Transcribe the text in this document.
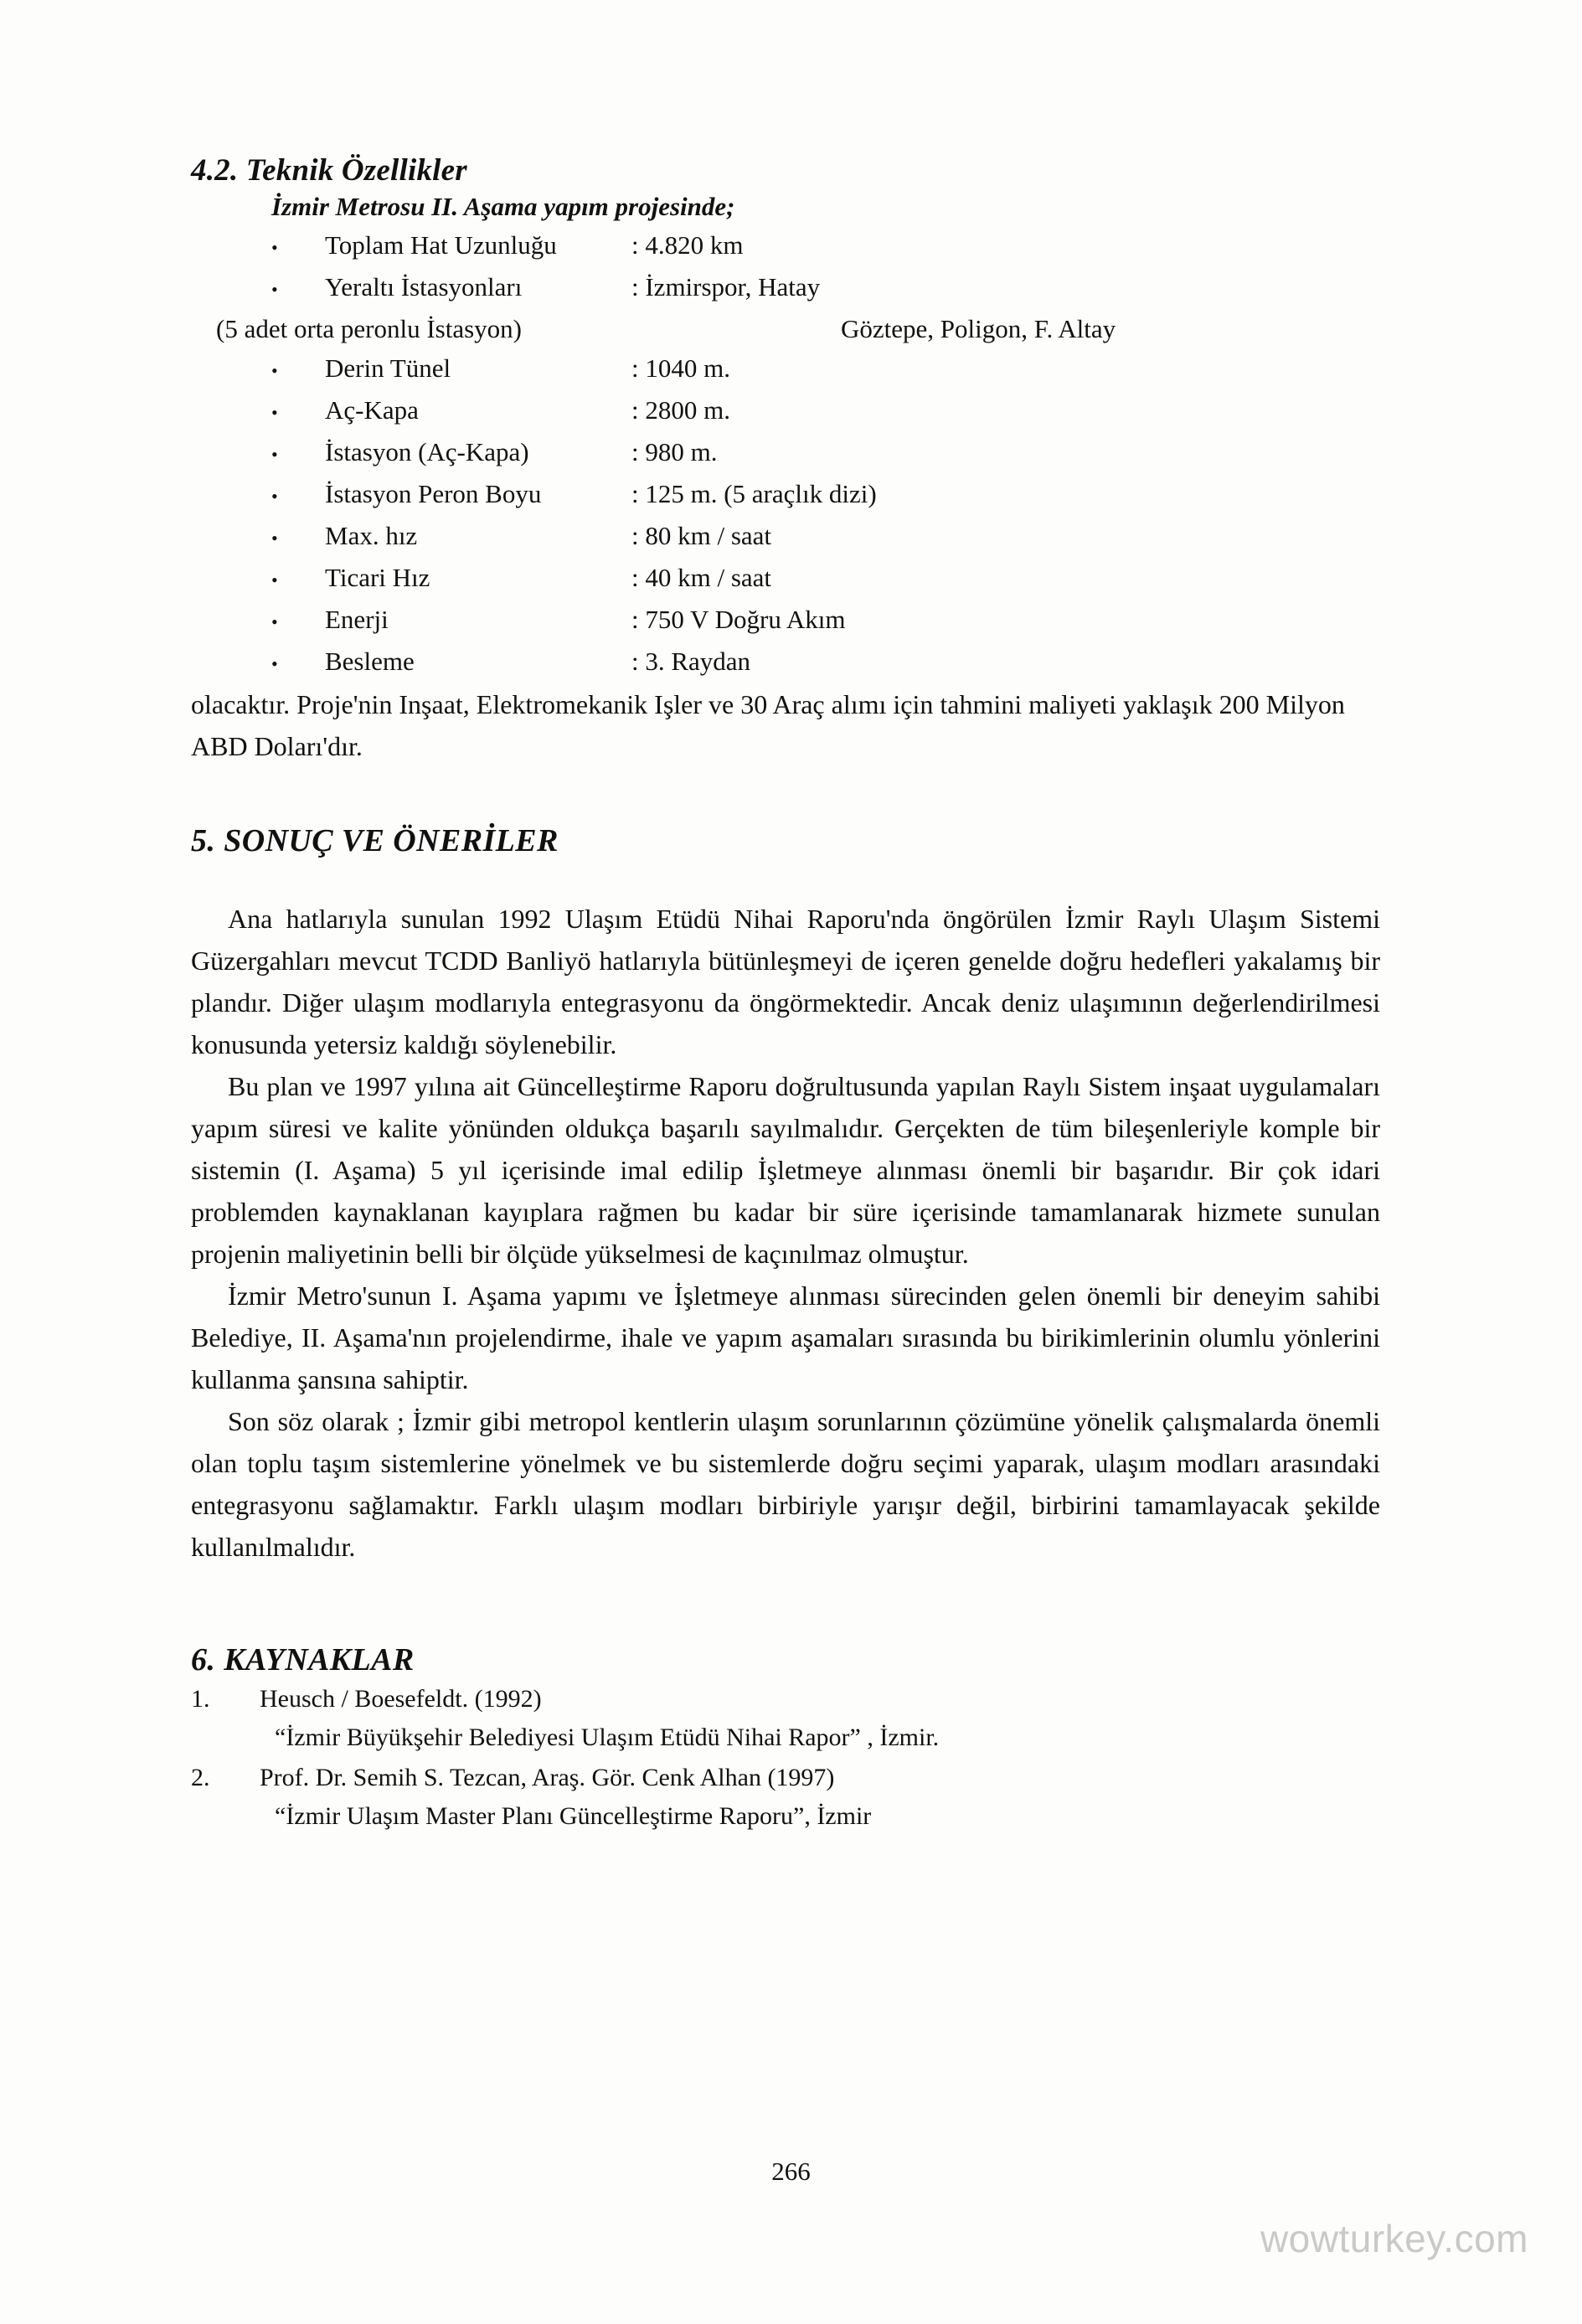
4.2. Teknik Özellikler
İzmir Metrosu II. Aşama yapım projesinde;
•	Toplam Hat Uzunluğu	: 4.820 km
•	Yeraltı İstasyonları	: İzmirspor, Hatay
(5 adet orta peronlu İstasyon)	Göztepe, Poligon, F. Altay
•	Derin Tünel	: 1040 m.
•	Aç-Kapa	: 2800 m.
•	İstasyon (Aç-Kapa)	: 980 m.
•	İstasyon Peron Boyu	: 125 m. (5 araçlık dizi)
•	Max. hız	: 80 km / saat
•	Ticari Hız	: 40 km / saat
•	Enerji	: 750 V Doğru Akım
•	Besleme	: 3. Raydan

olacaktır. Proje'nin Inşaat, Elektromekanik Işler ve 30 Araç alımı için tahmini maliyeti yaklaşık 200 Milyon ABD Doları'dır.

5. SONUÇ VE ÖNERİLER

Ana hatlarıyla sunulan 1992 Ulaşım Etüdü Nihai Raporu'nda öngörülen İzmir Raylı Ulaşım Sistemi Güzergahları mevcut TCDD Banliyö hatlarıyla bütünleşmeyi de içeren genelde doğru hedefleri yakalamış bir plandır. Diğer ulaşım modlarıyla entegrasyonu da öngörmektedir. Ancak deniz ulaşımının değerlendirilmesi konusunda yetersiz kaldığı söylenebilir.

Bu plan ve 1997 yılına ait Güncelleştirme Raporu doğrultusunda yapılan Raylı Sistem inşaat uygulamaları yapım süresi ve kalite yönünden oldukça başarılı sayılmalıdır. Gerçekten de tüm bileşenleriyle komple bir sistemin (I. Aşama) 5 yıl içerisinde imal edilip İşletmeye alınması önemli bir başarıdır. Bir çok idari problemden kaynaklanan kayıplara rağmen bu kadar bir süre içerisinde tamamlanarak hizmete sunulan projenin maliyetinin belli bir ölçüde yükselmesi de kaçınılmaz olmuştur.

İzmir Metro'sunun I. Aşama yapımı ve İşletmeye alınması sürecinden gelen önemli bir deneyim sahibi Belediye, II. Aşama'nın projelendirme, ihale ve yapım aşamaları sırasında bu birikimlerinin olumlu yönlerini kullanma şansına sahiptir.

Son söz olarak ; İzmir gibi metropol kentlerin ulaşım sorunlarının çözümüne yönelik çalışmalarda önemli olan toplu taşım sistemlerine yönelmek ve bu sistemlerde doğru seçimi yaparak, ulaşım modları arasındaki entegrasyonu sağlamaktır. Farklı ulaşım modları birbiriyle yarışır değil, birbirini tamamlayacak şekilde kullanılmalıdır.

6. KAYNAKLAR
1.	Heusch / Boesefeldt. (1992)
“İzmir Büyükşehir Belediyesi Ulaşım Etüdü Nihai Rapor” , İzmir.
2.	Prof. Dr. Semih S. Tezcan, Araş. Gör. Cenk Alhan (1997)
“İzmir Ulaşım Master Planı Güncelleştirme Raporu”, İzmir
266
wowturkey.com
